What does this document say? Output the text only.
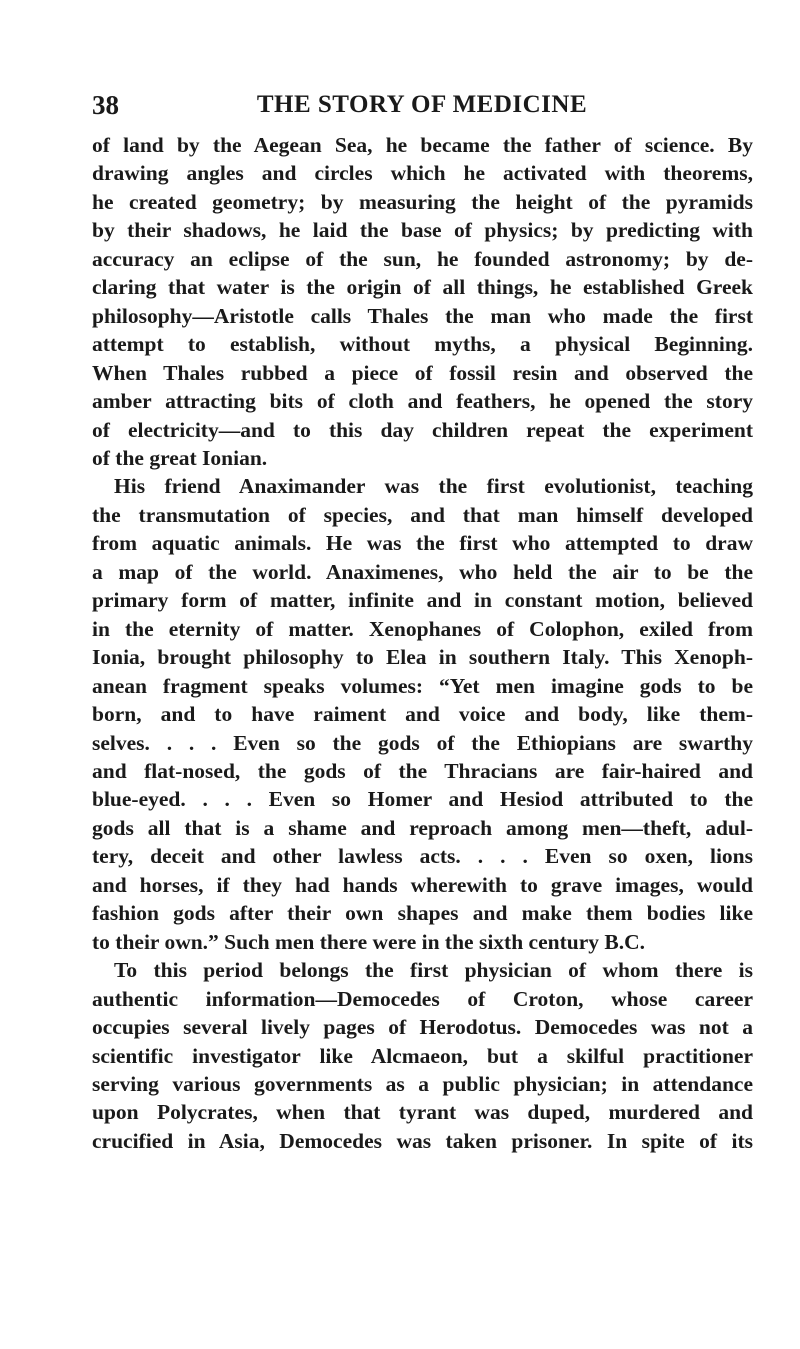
38	THE STORY OF MEDICINE
of land by the Aegean Sea, he became the father of science. By
drawing angles and circles which he activated with theorems,
he created geometry; by measuring the height of the pyramids
by their shadows, he laid the base of physics; by predicting with
accuracy an eclipse of the sun, he founded astronomy; by de-
claring that water is the origin of all things, he established Greek
philosophy—Aristotle calls Thales the man who made the first
attempt to establish, without myths, a physical Beginning.
When Thales rubbed a piece of fossil resin and observed the
amber attracting bits of cloth and feathers, he opened the story
of electricity—and to this day children repeat the experiment
of the great Ionian.
His friend Anaximander was the first evolutionist, teaching
the transmutation of species, and that man himself developed
from aquatic animals. He was the first who attempted to draw
a map of the world. Anaximenes, who held the air to be the
primary form of matter, infinite and in constant motion, believed
in the eternity of matter. Xenophanes of Colophon, exiled from
Ionia, brought philosophy to Elea in southern Italy. This Xenoph-
anean fragment speaks volumes: “Yet men imagine gods to be
born, and to have raiment and voice and body, like them-
selves. . . . Even so the gods of the Ethiopians are swarthy
and flat-nosed, the gods of the Thracians are fair-haired and
blue-eyed. . . . Even so Homer and Hesiod attributed to the
gods all that is a shame and reproach among men—theft, adul-
tery, deceit and other lawless acts. . . . Even so oxen, lions
and horses, if they had hands wherewith to grave images, would
fashion gods after their own shapes and make them bodies like
to their own.” Such men there were in the sixth century B.C.
To this period belongs the first physician of whom there is
authentic information—Democedes of Croton, whose career
occupies several lively pages of Herodotus. Democedes was not a
scientific investigator like Alcmaeon, but a skilful practitioner
serving various governments as a public physician; in attendance
upon Polycrates, when that tyrant was duped, murdered and
crucified in Asia, Democedes was taken prisoner. In spite of its
